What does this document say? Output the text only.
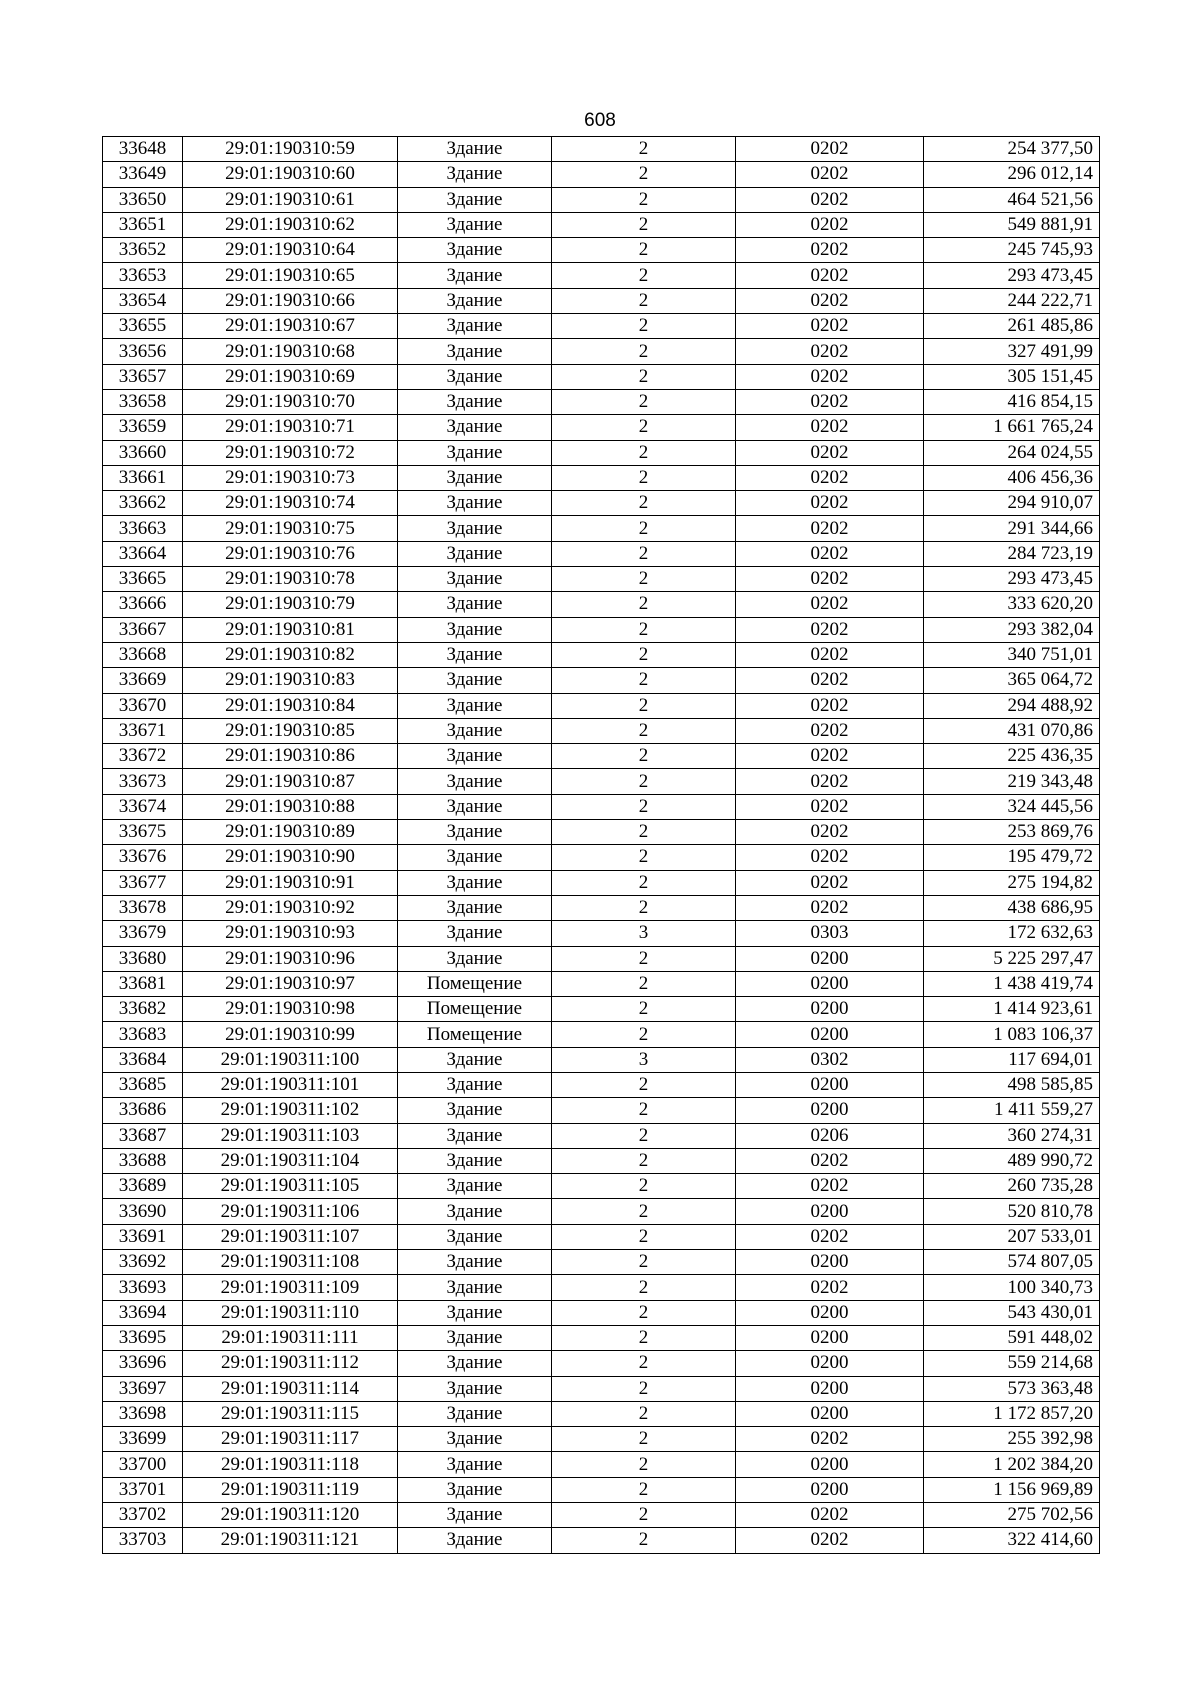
608
33648	29:01:190310:59	Здание	2	0202	254 377,50
33649	29:01:190310:60	Здание	2	0202	296 012,14
33650	29:01:190310:61	Здание	2	0202	464 521,56
33651	29:01:190310:62	Здание	2	0202	549 881,91
33652	29:01:190310:64	Здание	2	0202	245 745,93
33653	29:01:190310:65	Здание	2	0202	293 473,45
33654	29:01:190310:66	Здание	2	0202	244 222,71
33655	29:01:190310:67	Здание	2	0202	261 485,86
33656	29:01:190310:68	Здание	2	0202	327 491,99
33657	29:01:190310:69	Здание	2	0202	305 151,45
33658	29:01:190310:70	Здание	2	0202	416 854,15
33659	29:01:190310:71	Здание	2	0202	1 661 765,24
33660	29:01:190310:72	Здание	2	0202	264 024,55
33661	29:01:190310:73	Здание	2	0202	406 456,36
33662	29:01:190310:74	Здание	2	0202	294 910,07
33663	29:01:190310:75	Здание	2	0202	291 344,66
33664	29:01:190310:76	Здание	2	0202	284 723,19
33665	29:01:190310:78	Здание	2	0202	293 473,45
33666	29:01:190310:79	Здание	2	0202	333 620,20
33667	29:01:190310:81	Здание	2	0202	293 382,04
33668	29:01:190310:82	Здание	2	0202	340 751,01
33669	29:01:190310:83	Здание	2	0202	365 064,72
33670	29:01:190310:84	Здание	2	0202	294 488,92
33671	29:01:190310:85	Здание	2	0202	431 070,86
33672	29:01:190310:86	Здание	2	0202	225 436,35
33673	29:01:190310:87	Здание	2	0202	219 343,48
33674	29:01:190310:88	Здание	2	0202	324 445,56
33675	29:01:190310:89	Здание	2	0202	253 869,76
33676	29:01:190310:90	Здание	2	0202	195 479,72
33677	29:01:190310:91	Здание	2	0202	275 194,82
33678	29:01:190310:92	Здание	2	0202	438 686,95
33679	29:01:190310:93	Здание	3	0303	172 632,63
33680	29:01:190310:96	Здание	2	0200	5 225 297,47
33681	29:01:190310:97	Помещение	2	0200	1 438 419,74
33682	29:01:190310:98	Помещение	2	0200	1 414 923,61
33683	29:01:190310:99	Помещение	2	0200	1 083 106,37
33684	29:01:190311:100	Здание	3	0302	117 694,01
33685	29:01:190311:101	Здание	2	0200	498 585,85
33686	29:01:190311:102	Здание	2	0200	1 411 559,27
33687	29:01:190311:103	Здание	2	0206	360 274,31
33688	29:01:190311:104	Здание	2	0202	489 990,72
33689	29:01:190311:105	Здание	2	0202	260 735,28
33690	29:01:190311:106	Здание	2	0200	520 810,78
33691	29:01:190311:107	Здание	2	0202	207 533,01
33692	29:01:190311:108	Здание	2	0200	574 807,05
33693	29:01:190311:109	Здание	2	0202	100 340,73
33694	29:01:190311:110	Здание	2	0200	543 430,01
33695	29:01:190311:111	Здание	2	0200	591 448,02
33696	29:01:190311:112	Здание	2	0200	559 214,68
33697	29:01:190311:114	Здание	2	0200	573 363,48
33698	29:01:190311:115	Здание	2	0200	1 172 857,20
33699	29:01:190311:117	Здание	2	0202	255 392,98
33700	29:01:190311:118	Здание	2	0200	1 202 384,20
33701	29:01:190311:119	Здание	2	0200	1 156 969,89
33702	29:01:190311:120	Здание	2	0202	275 702,56
33703	29:01:190311:121	Здание	2	0202	322 414,60
